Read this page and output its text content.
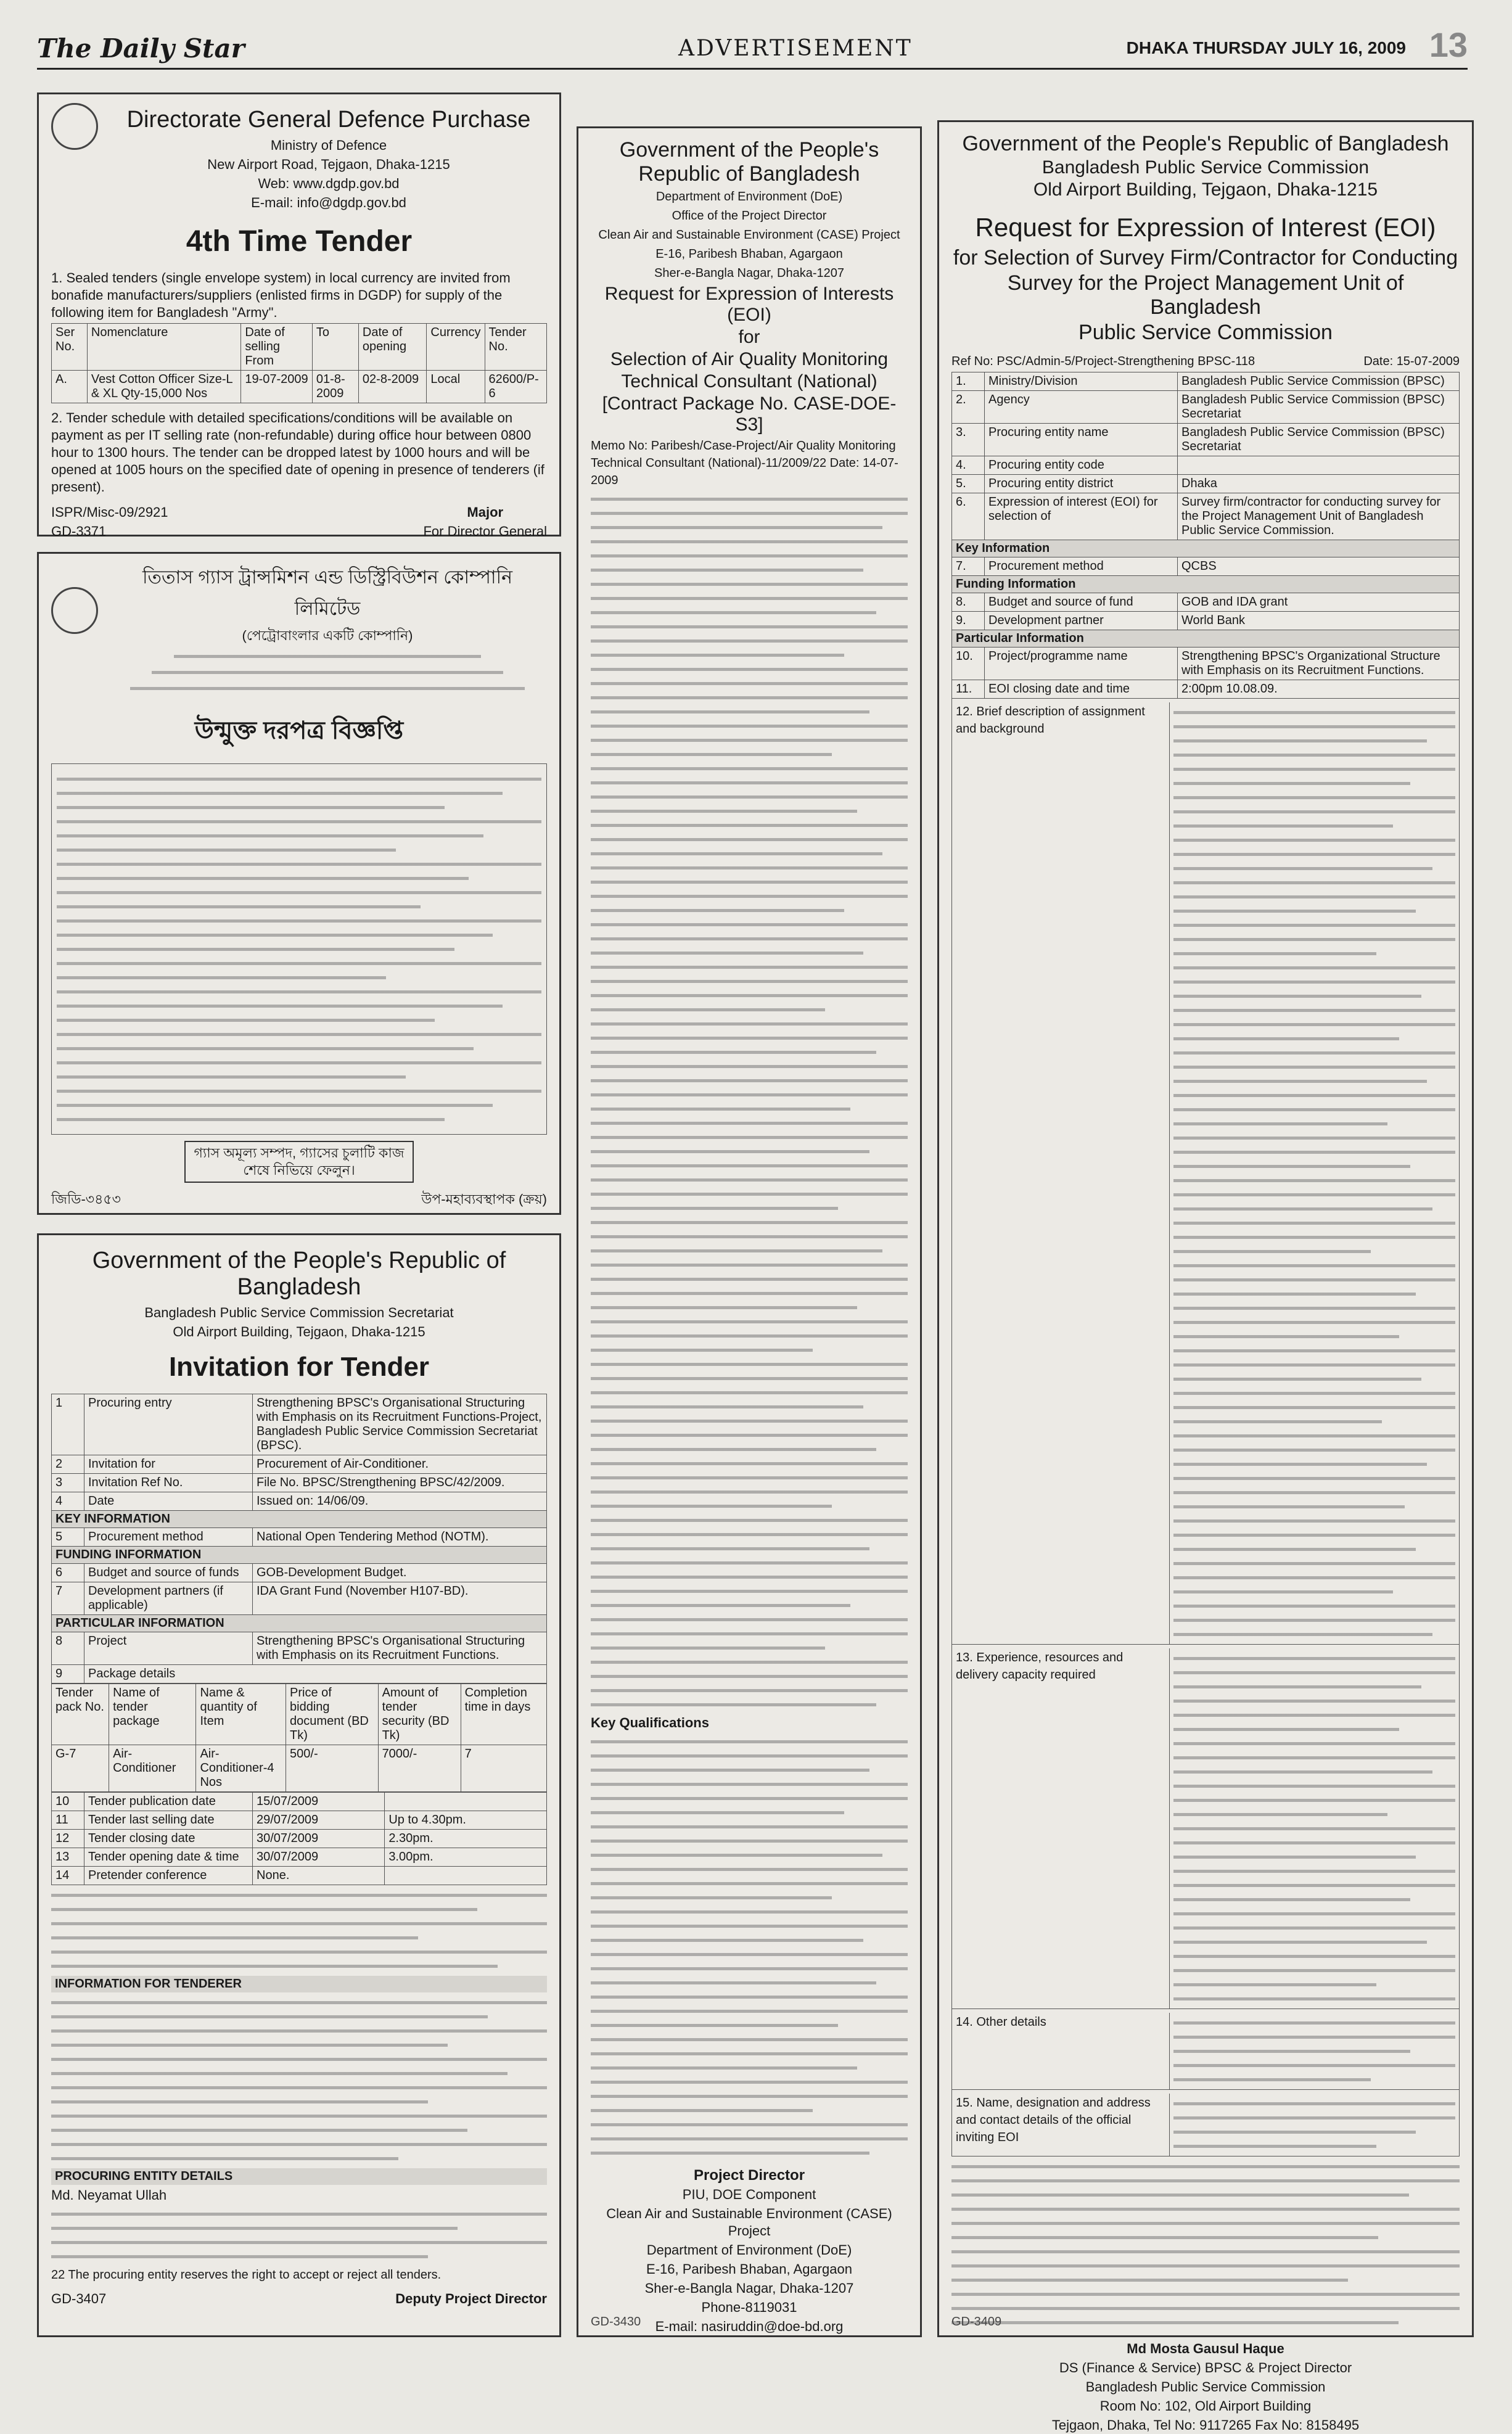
The Daily Star	ADVERTISEMENT	DHAKA THURSDAY JULY 16, 2009 13
Directorate General Defence Purchase
Ministry of Defence
New Airport Road, Tejgaon, Dhaka-1215
Web: www.dgdp.gov.bd
E-mail: info@dgdp.gov.bd
4th Time Tender
1. Sealed tenders (single envelope system) in local currency are invited from bonafide manufacturers/suppliers (enlisted firms in DGDP) for supply of the following item for Bangladesh "Army".
Ser No.	Nomenclature	Date of selling From	To	Date of opening	Currency	Tender No.
A.	Vest Cotton Officer Size-L & XL Qty-15,000 Nos	19-07-2009	01-8-2009	02-8-2009	Local	62600/P-6
2. Tender schedule with detailed specifications/conditions will be available on payment as per IT selling rate (non-refundable) during office hour between 0800 hour to 1300 hours. The tender can be dropped latest by 1000 hours and will be opened at 1005 hours on the specified date of opening in presence of tenderers (if present).
ISPR/Misc-09/2921
GD-3371
Major
For Director General
তিতাস গ্যাস ট্রান্সমিশন এন্ড ডিস্ট্রিবিউশন কোম্পানি লিমিটেড
(পেট্রোবাংলার একটি কোম্পানি)
উন্মুক্ত দরপত্র বিজ্ঞপ্তি
গ্যাস অমূল্য সম্পদ, গ্যাসের চুলাটি কাজ শেষে নিভিয়ে ফেলুন।
জিডি-৩৪৫৩	উপ-মহাব্যবস্থাপক (ক্রয়)
Government of the People's Republic of Bangladesh
Bangladesh Public Service Commission Secretariat
Old Airport Building, Tejgaon, Dhaka-1215
Invitation for Tender
1	Procuring entry	Strengthening BPSC's Organisational Structuring with Emphasis on its Recruitment Functions-Project, Bangladesh Public Service Commission Secretariat (BPSC).
2	Invitation for	Procurement of Air-Conditioner.
3	Invitation Ref No.	File No. BPSC/Strengthening BPSC/42/2009.
4	Date	Issued on: 14/06/09.
KEY INFORMATION		
5	Procurement method	National Open Tendering Method (NOTM).
FUNDING INFORMATION		
6	Budget and source of funds	GOB-Development Budget.
7	Development partners (if applicable)	IDA Grant Fund (November H107-BD).
PARTICULAR INFORMATION		
8	Project	Strengthening BPSC's Organisational Structuring with Emphasis on its Recruitment Functions.
9	Package details	
Tender pack No.	Name of tender package	Name & quantity of Item	Price of bidding document (BD Tk)	Amount of tender security (BD Tk)	Completion time in days
G-7	Air-Conditioner	Air-Conditioner-4 Nos	500/-	7000/-	7
10	Tender publication date	15/07/2009	
11	Tender last selling date	29/07/2009	Up to 4.30pm.
12	Tender closing date	30/07/2009	2.30pm.
13	Tender opening date & time	30/07/2009	3.00pm.
14	Pretender conference	None.	
INFORMATION FOR TENDERER
PROCURING ENTITY DETAILS
Md. Neyamat Ullah
22 The procuring entity reserves the right to accept or reject all tenders.
GD-3407	Deputy Project Director
Government of the People's Republic of Bangladesh
Department of Environment (DoE)
Office of the Project Director
Clean Air and Sustainable Environment (CASE) Project
E-16, Paribesh Bhaban, Agargaon
Sher-e-Bangla Nagar, Dhaka-1207
Request for Expression of Interests (EOI)
for
Selection of Air Quality Monitoring
Technical Consultant (National)
[Contract Package No. CASE-DOE-S3]
Memo No: Paribesh/Case-Project/Air Quality Monitoring Technical Consultant (National)-11/2009/22 Date: 14-07-2009
Key Qualifications
Project Director
PIU, DOE Component
Clean Air and Sustainable Environment (CASE) Project
Department of Environment (DoE)
E-16, Paribesh Bhaban, Agargaon
Sher-e-Bangla Nagar, Dhaka-1207
Phone-8119031
E-mail: nasiruddin@doe-bd.org
GD-3430
Government of the People's Republic of Bangladesh
Bangladesh Public Service Commission
Old Airport Building, Tejgaon, Dhaka-1215
Request for Expression of Interest (EOI)
for Selection of Survey Firm/Contractor for Conducting
Survey for the Project Management Unit of Bangladesh
Public Service Commission
Ref No: PSC/Admin-5/Project-Strengthening BPSC-118	Date: 15-07-2009
1.	Ministry/Division	Bangladesh Public Service Commission (BPSC)
2.	Agency	Bangladesh Public Service Commission (BPSC) Secretariat
3.	Procuring entity name	Bangladesh Public Service Commission (BPSC) Secretariat
4.	Procuring entity code	
5.	Procuring entity district	Dhaka
6.	Expression of interest (EOI) for selection of	Survey firm/contractor for conducting survey for the Project Management Unit of Bangladesh Public Service Commission.
Key Information		
7.	Procurement method	QCBS
Funding Information		
8.	Budget and source of fund	GOB and IDA grant
9.	Development partner	World Bank
Particular Information		
10.	Project/programme name	Strengthening BPSC's Organizational Structure with Emphasis on its Recruitment Functions.
11.	EOI closing date and time	2:00pm 10.08.09.
12. Brief description of assignment and background
13. Experience, resources and delivery capacity required
14. Other details
15. Name, designation and address and contact details of the official inviting EOI
Md Mosta Gausul Haque
DS (Finance & Service) BPSC & Project Director
Bangladesh Public Service Commission
Room No: 102, Old Airport Building
Tejgaon, Dhaka, Tel No: 9117265 Fax No: 8158495
GD-3409
